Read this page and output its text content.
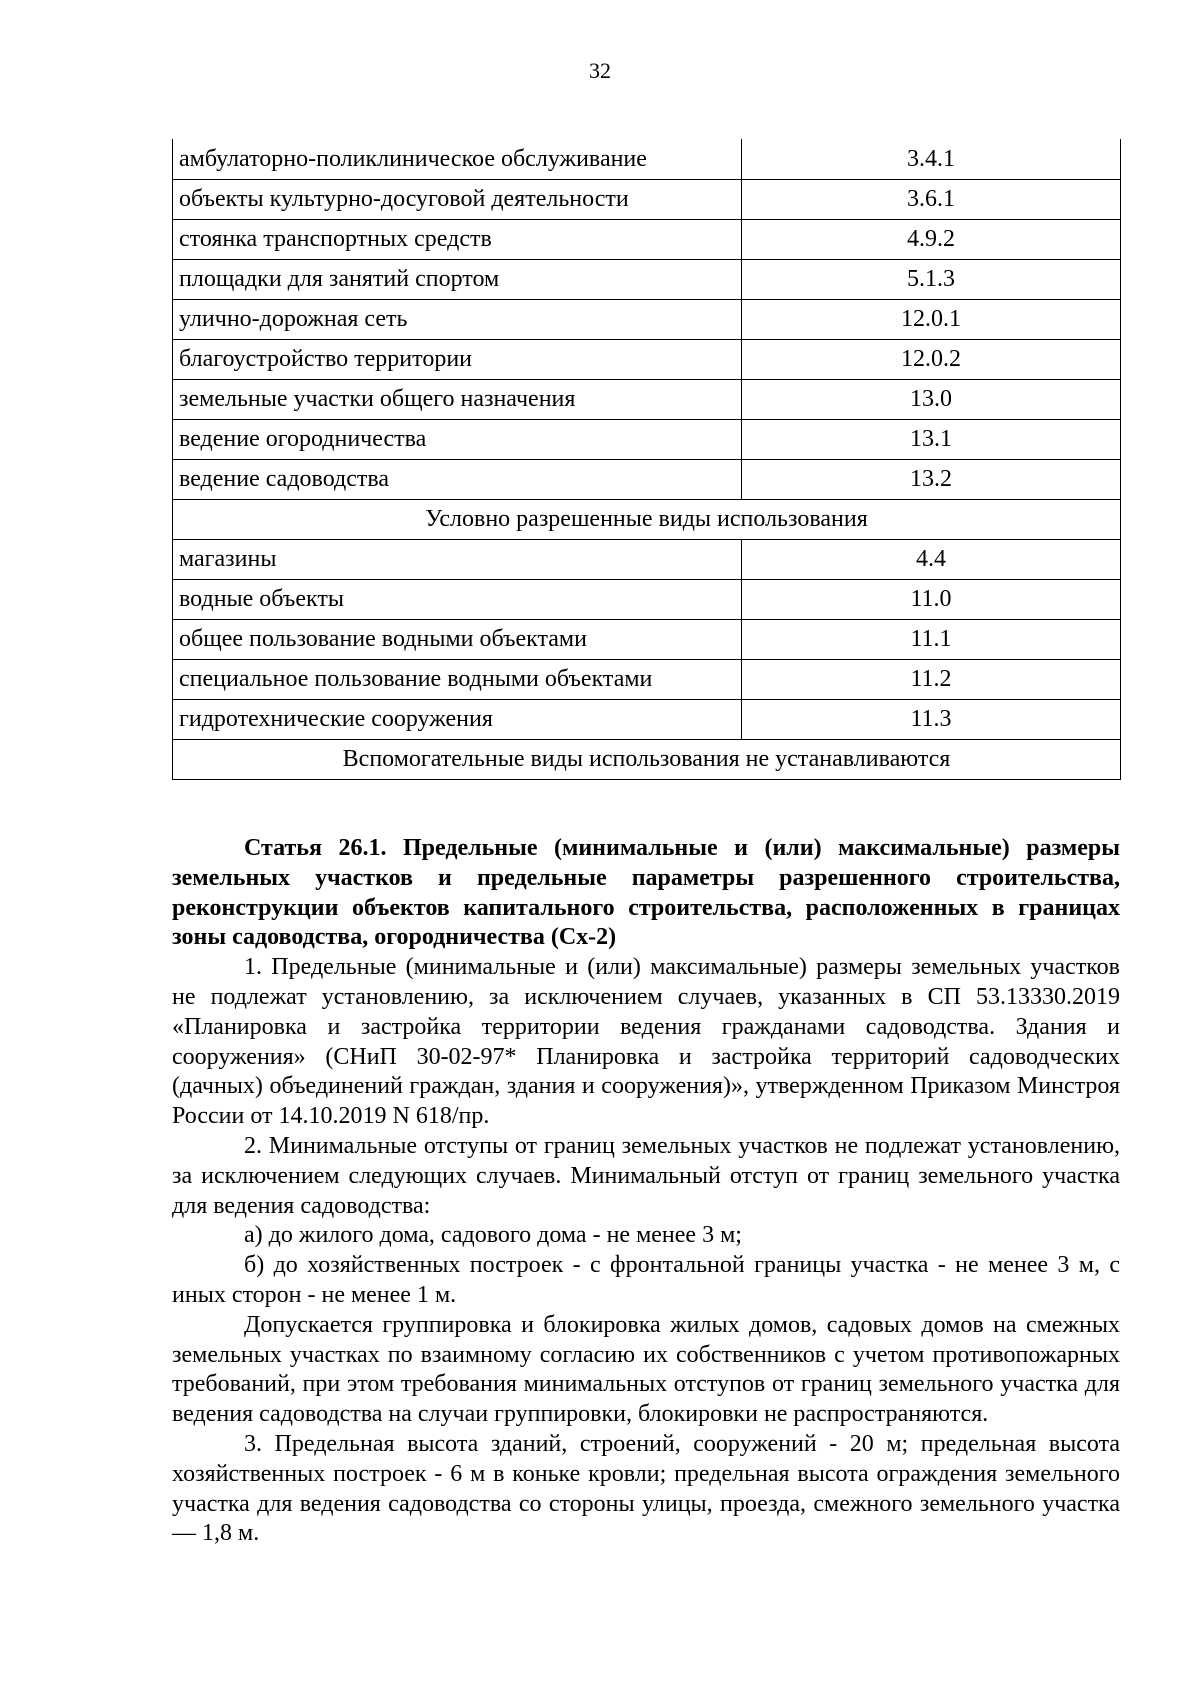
32
амбулаторно-поликлиническое обслуживание	3.4.1
объекты культурно-досуговой деятельности	3.6.1
стоянка транспортных средств	4.9.2
площадки для занятий спортом	5.1.3
улично-дорожная сеть	12.0.1
благоустройство территории	12.0.2
земельные участки общего назначения	13.0
ведение огородничества	13.1
ведение садоводства	13.2
Условно разрешенные виды использования	
магазины	4.4
водные объекты	11.0
общее пользование водными объектами	11.1
специальное пользование водными объектами	11.2
гидротехнические сооружения	11.3
Вспомогательные виды использования не устанавливаются	

Статья 26.1. Предельные (минимальные и (или) максимальные) размеры земельных участков и предельные параметры разрешенного строительства, реконструкции объектов капитального строительства, расположенных в границах зоны садоводства, огородничества (Сх-2)

1. Предельные (минимальные и (или) максимальные) размеры земельных участков не подлежат установлению, за исключением случаев, указанных в СП 53.13330.2019 «Планировка и застройка территории ведения гражданами садоводства. Здания и сооружения» (СНиП 30-02-97* Планировка и застройка территорий садоводческих (дачных) объединений граждан, здания и сооружения)», утвержденном Приказом Минстроя России от 14.10.2019 N 618/пр.

2. Минимальные отступы от границ земельных участков не подлежат установлению, за исключением следующих случаев. Минимальный отступ от границ земельного участка для ведения садоводства:

а) до жилого дома, садового дома - не менее 3 м;

б) до хозяйственных построек - с фронтальной границы участка - не менее 3 м, с иных сторон - не менее 1 м.

Допускается группировка и блокировка жилых домов, садовых домов на смежных земельных участках по взаимному согласию их собственников с учетом противопожарных требований, при этом требования минимальных отступов от границ земельного участка для ведения садоводства на случаи группировки, блокировки не распространяются.

3. Предельная высота зданий, строений, сооружений - 20 м; предельная высота хозяйственных построек - 6 м в коньке кровли; предельная высота ограждения земельного участка для ведения садоводства со стороны улицы, проезда, смежного земельного участка — 1,8 м.
